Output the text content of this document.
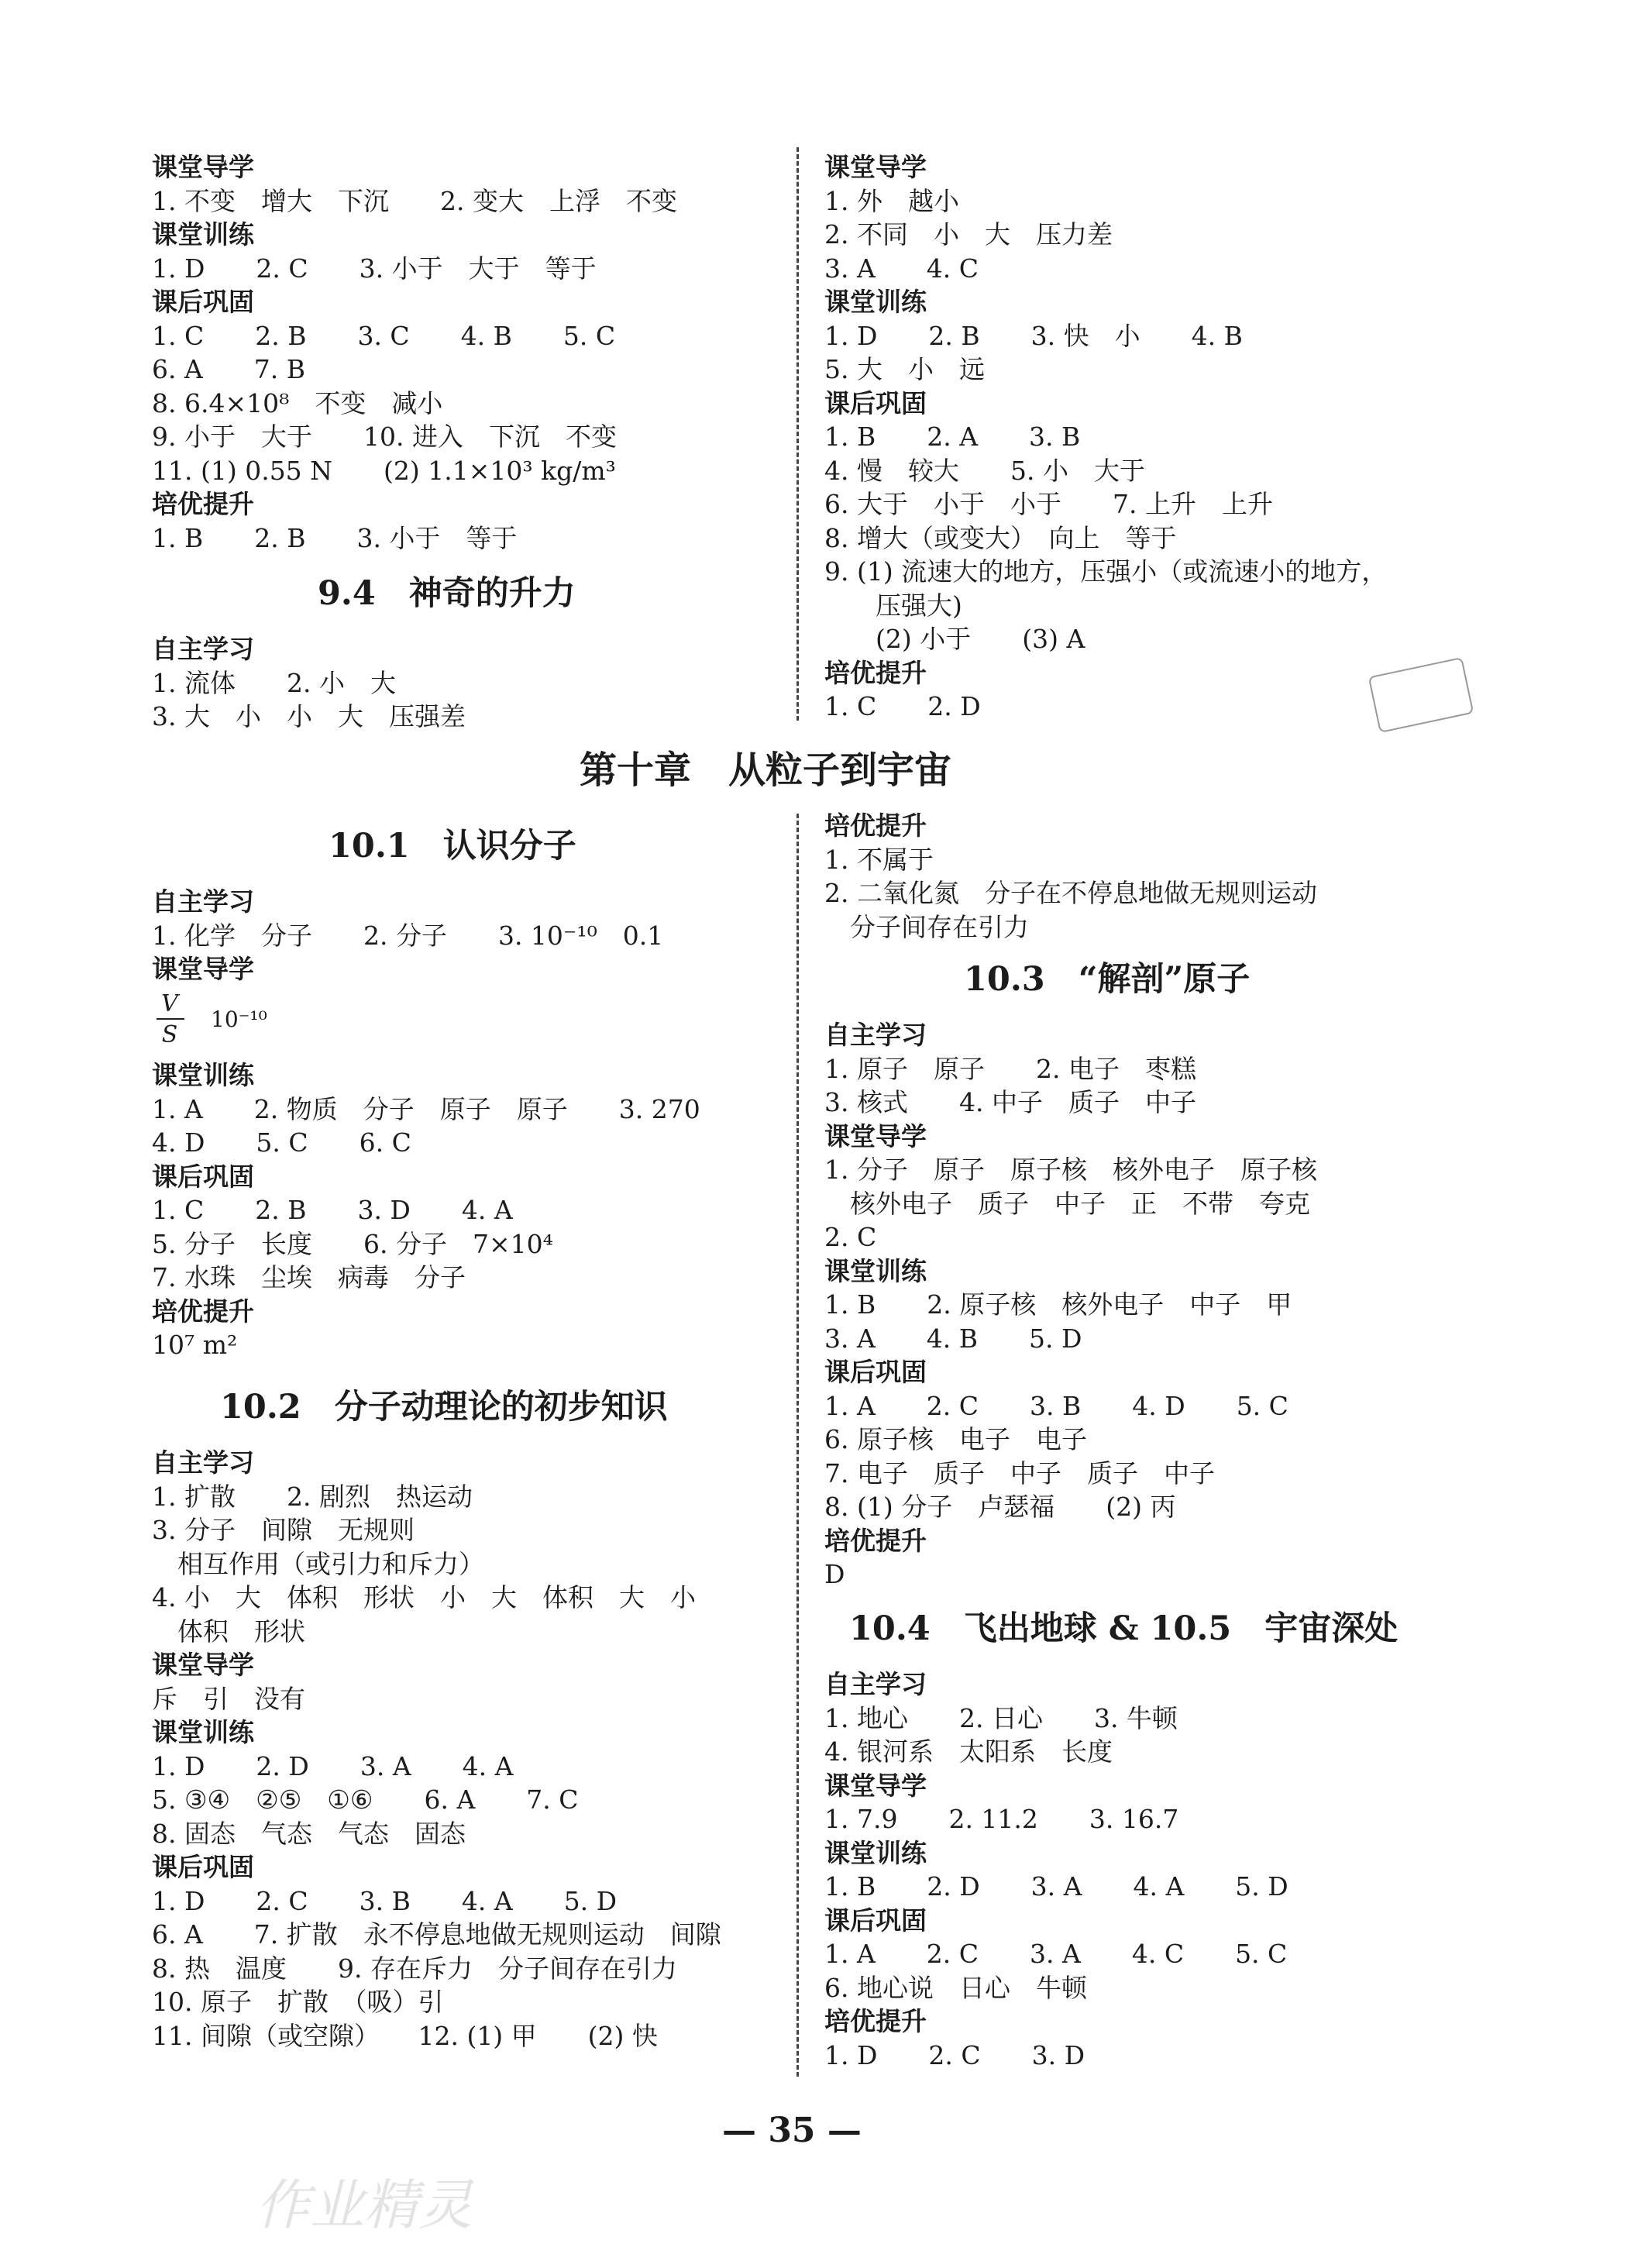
9.4　神奇的升力
第十章　从粒子到宇宙
10.1　认识分子
V
S
10⁻¹⁰
10.2　分子动理论的初步知识
10.3　“解剖”原子
10.4　飞出地球 & 10.5　宇宙深处
— 35 —
作业精灵
课堂导学
1. 不变　增大　下沉　　2. 变大　上浮　不变
课堂训练
1. D　　2. C　　3. 小于　大于　等于
课后巩固
1. C　　2. B　　3. C　　4. B　　5. C
6. A　　7. B
8. 6.4×10⁸　不变　减小
9. 小于　大于　　10. 进入　下沉　不变
11. (1) 0.55 N　　(2) 1.1×10³ kg/m³
培优提升
1. B　　2. B　　3. 小于　等于
自主学习
1. 流体　　2. 小　大
3. 大　小　小　大　压强差
课堂导学
1. 外　越小
2. 不同　小　大　压力差
3. A　　4. C
课堂训练
1. D　　2. B　　3. 快　小　　4. B
5. 大　小　远
课后巩固
1. B　　2. A　　3. B
4. 慢　较大　　5. 小　大于
6. 大于　小于　小于　　7. 上升　上升
8. 增大（或变大）　向上　等于
9. (1) 流速大的地方，压强小（或流速小的地方，
　　压强大)
　　(2) 小于　　(3) A
培优提升
1. C　　2. D
自主学习
1. 化学　分子　　2. 分子　　3. 10⁻¹⁰　0.1
课堂导学
课堂训练
1. A　　2. 物质　分子　原子　原子　　3. 270
4. D　　5. C　　6. C
课后巩固
1. C　　2. B　　3. D　　4. A
5. 分子　长度　　6. 分子　7×10⁴
7. 水珠　尘埃　病毒　分子
培优提升
10⁷ m²
自主学习
1. 扩散　　2. 剧烈　热运动
3. 分子　间隙　无规则
　相互作用（或引力和斥力）
4. 小　大　体积　形状　小　大　体积　大　小
　体积　形状
课堂导学
斥　引　没有
课堂训练
1. D　　2. D　　3. A　　4. A
5. ③④　②⑤　①⑥　　6. A　　7. C
8. 固态　气态　气态　固态
课后巩固
1. D　　2. C　　3. B　　4. A　　5. D
6. A　　7. 扩散　永不停息地做无规则运动　间隙
8. 热　温度　　9. 存在斥力　分子间存在引力
10. 原子　扩散　（吸）引
11. 间隙（或空隙）　　12. (1) 甲　　(2) 快
培优提升
1. 不属于
2. 二氧化氮　分子在不停息地做无规则运动
　分子间存在引力
自主学习
1. 原子　原子　　2. 电子　枣糕
3. 核式　　4. 中子　质子　中子
课堂导学
1. 分子　原子　原子核　核外电子　原子核
　核外电子　质子　中子　正　不带　夸克
2. C
课堂训练
1. B　　2. 原子核　核外电子　中子　甲
3. A　　4. B　　5. D
课后巩固
1. A　　2. C　　3. B　　4. D　　5. C
6. 原子核　电子　电子
7. 电子　质子　中子　质子　中子
8. (1) 分子　卢瑟福　　(2) 丙
培优提升
D
自主学习
1. 地心　　2. 日心　　3. 牛顿
4. 银河系　太阳系　长度
课堂导学
1. 7.9　　2. 11.2　　3. 16.7
课堂训练
1. B　　2. D　　3. A　　4. A　　5. D
课后巩固
1. A　　2. C　　3. A　　4. C　　5. C
6. 地心说　日心　牛顿
培优提升
1. D　　2. C　　3. D
